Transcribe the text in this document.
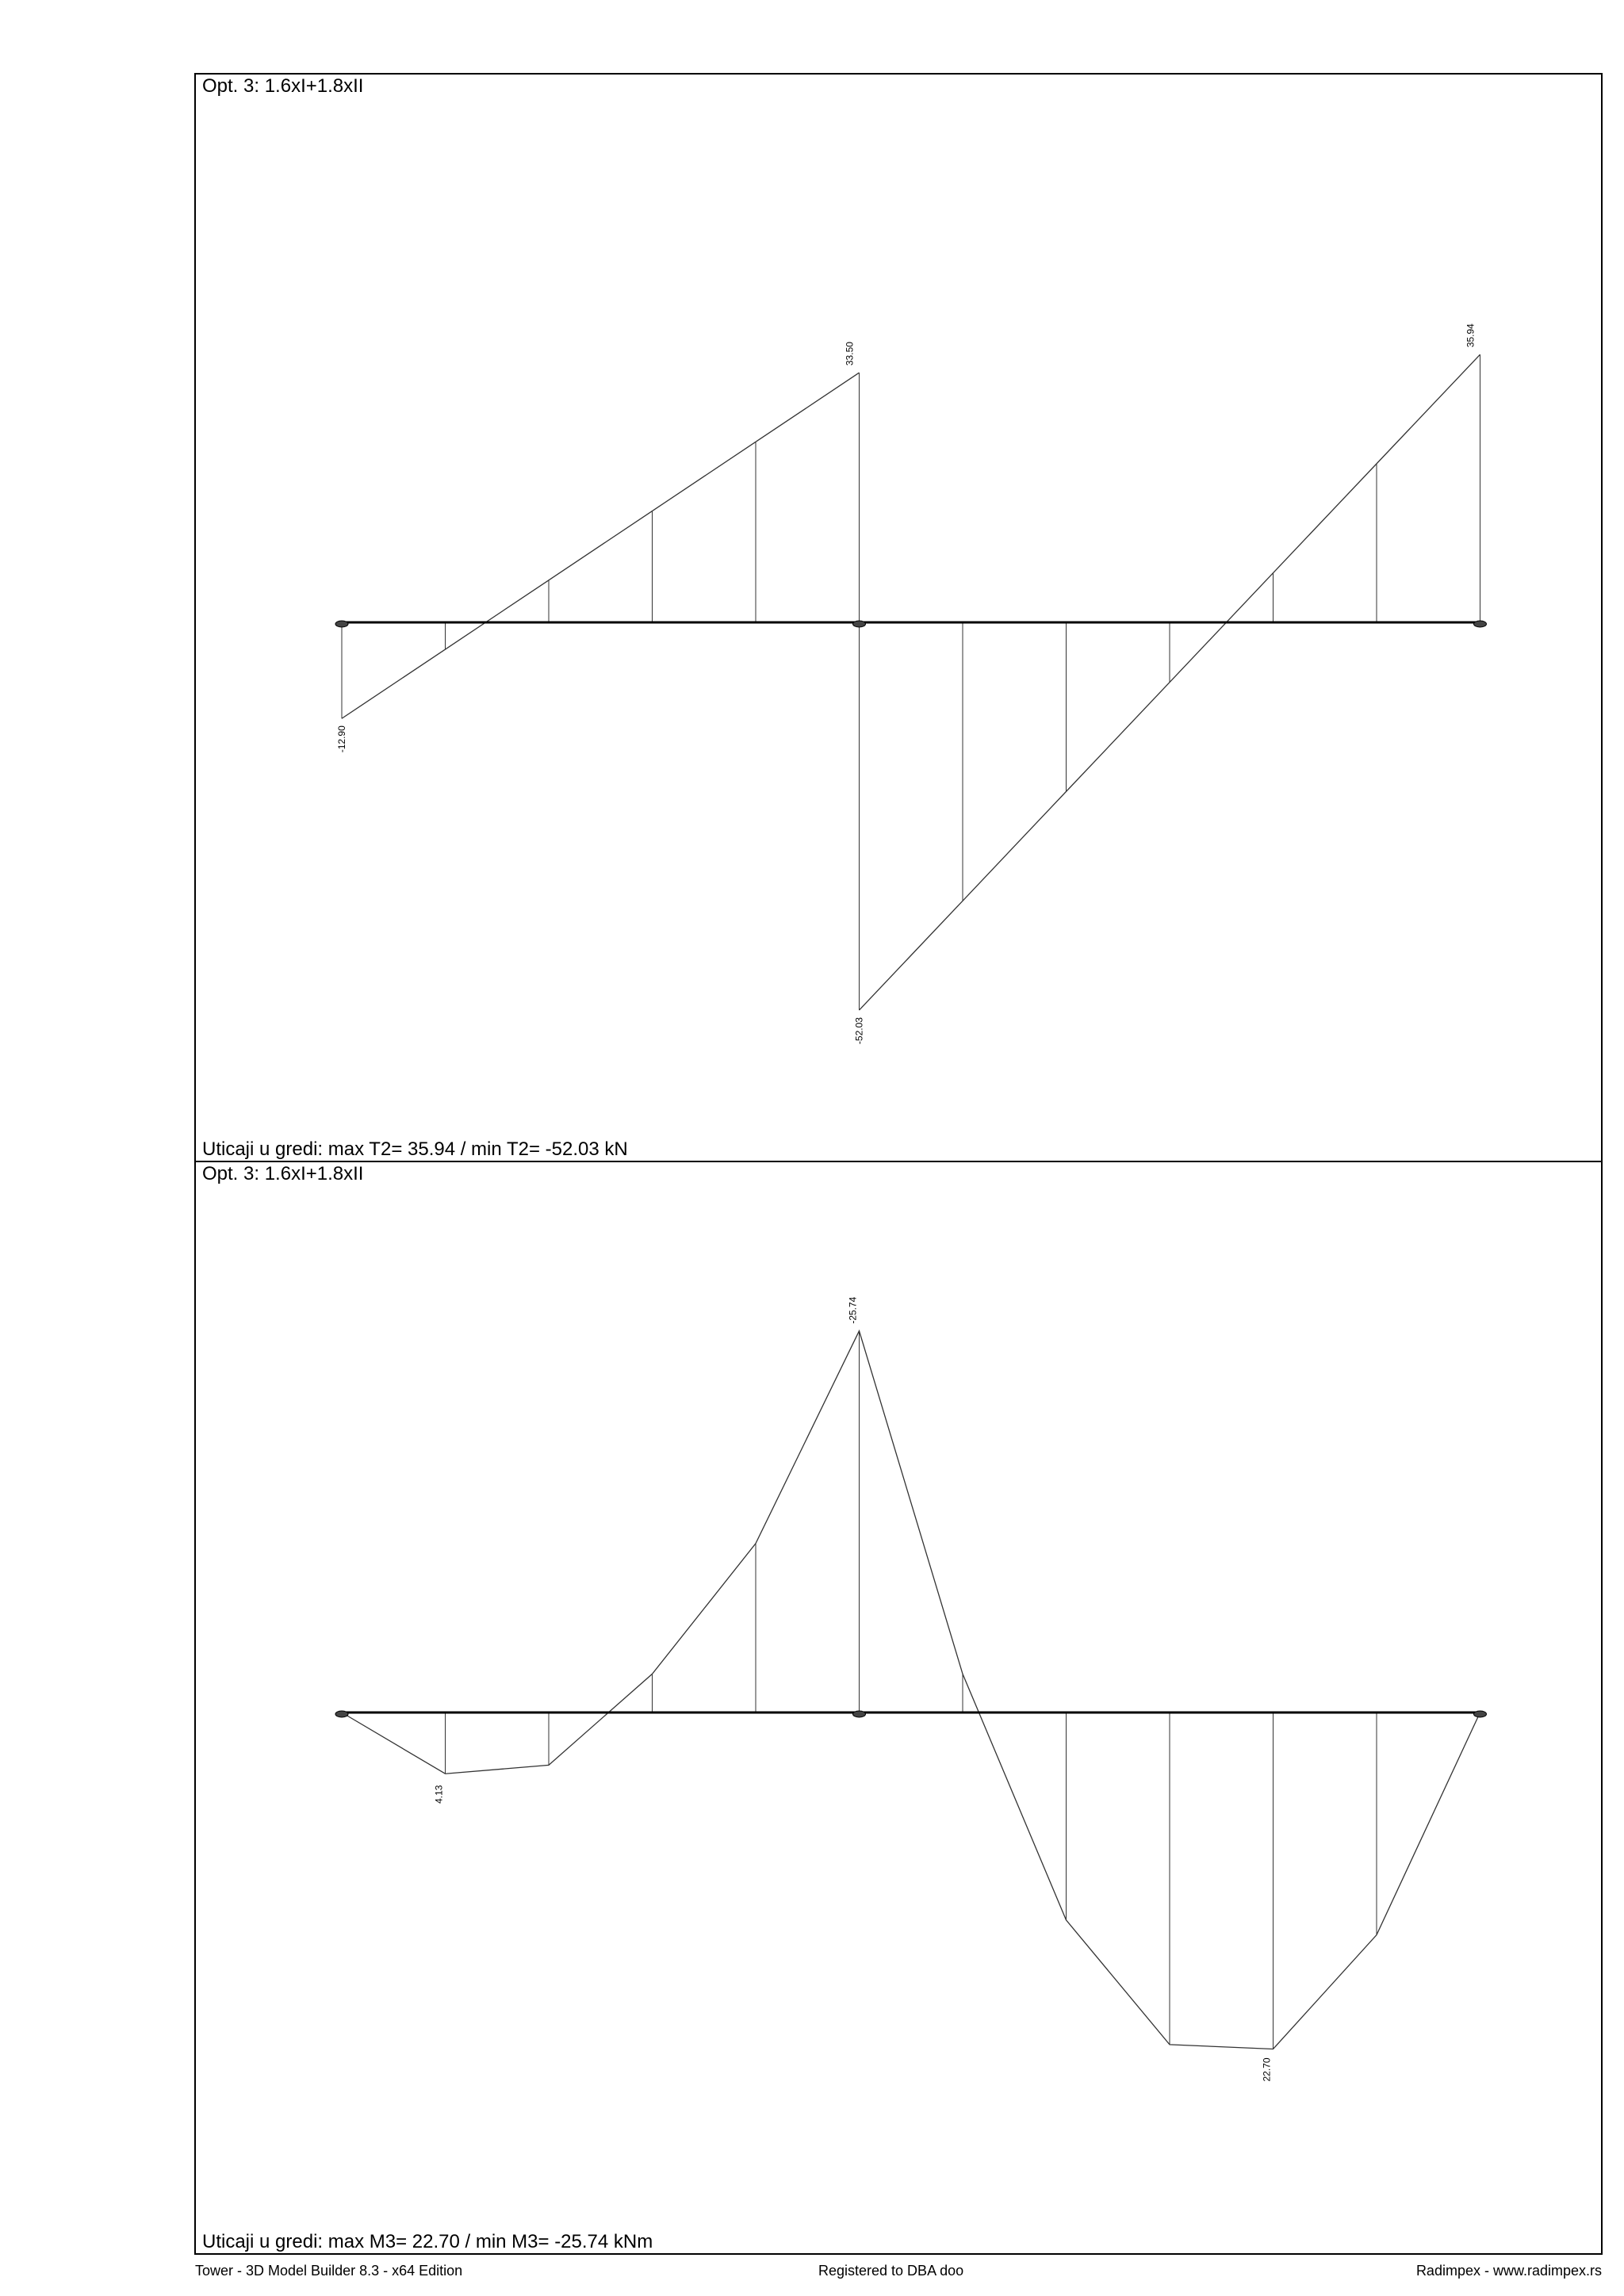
Opt. 3: 1.6xI+1.8xII
-12.90
33.50
-52.03
35.94
Uticaji u gredi: max T2= 35.94 / min T2= -52.03 kN
Opt. 3: 1.6xI+1.8xII
4.13
-25.74
22.70
Uticaji u gredi: max M3= 22.70 / min M3= -25.74 kNm
Tower - 3D Model Builder 8.3 - x64 Edition	Registered to DBA doo	Radimpex - www.radimpex.rs
